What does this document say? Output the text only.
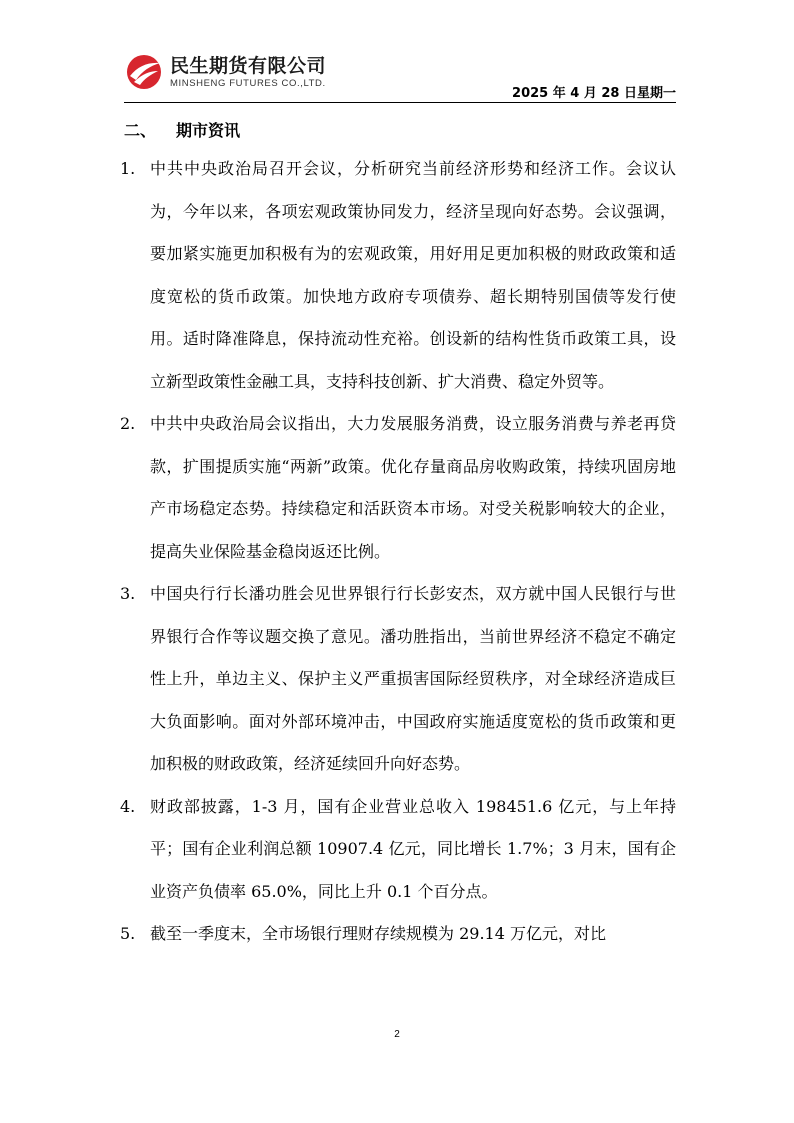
民生期货有限公司
MINSHENG FUTURES CO.,LTD.
2025 年 4 月 28 日星期一
二、	期市资讯
1. 中共中央政治局召开会议，分析研究当前经济形势和经济工作。会议认为，今年以来，各项宏观政策协同发力，经济呈现向好态势。会议强调，要加紧实施更加积极有为的宏观政策，用好用足更加积极的财政政策和适度宽松的货币政策。加快地方政府专项债券、超长期特别国债等发行使用。适时降准降息，保持流动性充裕。创设新的结构性货币政策工具，设立新型政策性金融工具，支持科技创新、扩大消费、稳定外贸等。
2. 中共中央政治局会议指出，大力发展服务消费，设立服务消费与养老再贷款，扩围提质实施“两新”政策。优化存量商品房收购政策，持续巩固房地产市场稳定态势。持续稳定和活跃资本市场。对受关税影响较大的企业，提高失业保险基金稳岗返还比例。
3. 中国央行行长潘功胜会见世界银行行长彭安杰，双方就中国人民银行与世界银行合作等议题交换了意见。潘功胜指出，当前世界经济不稳定不确定性上升，单边主义、保护主义严重损害国际经贸秩序，对全球经济造成巨大负面影响。面对外部环境冲击，中国政府实施适度宽松的货币政策和更加积极的财政政策，经济延续回升向好态势。
4. 财政部披露，1-3 月，国有企业营业总收入 198451.6 亿元，与上年持平；国有企业利润总额 10907.4 亿元，同比增长 1.7%；3 月末，国有企业资产负债率 65.0%，同比上升 0.1 个百分点。
5. 截至一季度末，全市场银行理财存续规模为 29.14 万亿元，对比
2
